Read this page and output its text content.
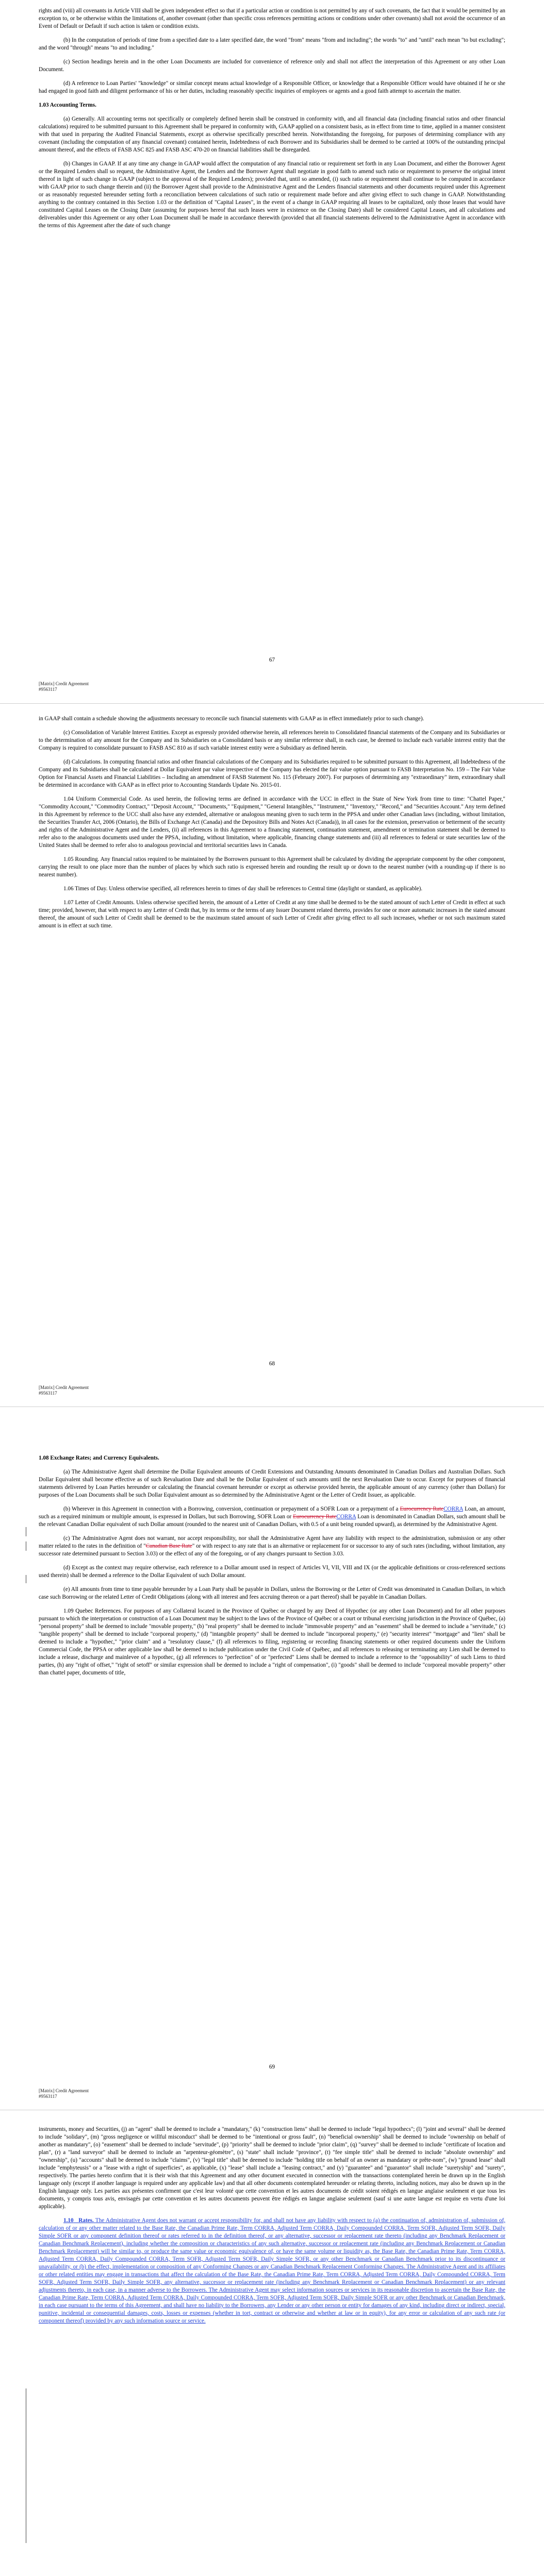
rights and (viii) all covenants in Article VIII shall be given independent effect so that if a particular action or condition is not permitted by any of such covenants, the fact that it would be permitted by an exception to, or be otherwise within the limitations of, another covenant (other than specific cross references permitting actions or conditions under other covenants) shall not avoid the occurrence of an Event of Default or Default if such action is taken or condition exists.

(b) In the computation of periods of time from a specified date to a later specified date, the word "from" means "from and including"; the words "to" and "until" each mean "to but excluding"; and the word "through" means "to and including."

(c) Section headings herein and in the other Loan Documents are included for convenience of reference only and shall not affect the interpretation of this Agreement or any other Loan Document.

(d) A reference to Loan Parties' "knowledge" or similar concept means actual knowledge of a Responsible Officer, or knowledge that a Responsible Officer would have obtained if he or she had engaged in good faith and diligent performance of his or her duties, including reasonably specific inquiries of employees or agents and a good faith attempt to ascertain the matter.

1.03 Accounting Terms.

(a) Generally. All accounting terms not specifically or completely defined herein shall be construed in conformity with, and all financial data (including financial ratios and other financial calculations) required to be submitted pursuant to this Agreement shall be prepared in conformity with, GAAP applied on a consistent basis, as in effect from time to time, applied in a manner consistent with that used in preparing the Audited Financial Statements, except as otherwise specifically prescribed herein. Notwithstanding the foregoing, for purposes of determining compliance with any covenant (including the computation of any financial covenant) contained herein, Indebtedness of each Borrower and its Subsidiaries shall be deemed to be carried at 100% of the outstanding principal amount thereof, and the effects of FASB ASC 825 and FASB ASC 470-20 on financial liabilities shall be disregarded.

(b) Changes in GAAP. If at any time any change in GAAP would affect the computation of any financial ratio or requirement set forth in any Loan Document, and either the Borrower Agent or the Required Lenders shall so request, the Administrative Agent, the Lenders and the Borrower Agent shall negotiate in good faith to amend such ratio or requirement to preserve the original intent thereof in light of such change in GAAP (subject to the approval of the Required Lenders); provided that, until so amended, (i) such ratio or requirement shall continue to be computed in accordance with GAAP prior to such change therein and (ii) the Borrower Agent shall provide to the Administrative Agent and the Lenders financial statements and other documents required under this Agreement or as reasonably requested hereunder setting forth a reconciliation between calculations of such ratio or requirement made before and after giving effect to such change in GAAP. Notwithstanding anything to the contrary contained in this Section 1.03 or the definition of "Capital Leases", in the event of a change in GAAP requiring all leases to be capitalized, only those leases that would have constituted Capital Leases on the Closing Date (assuming for purposes hereof that such leases were in existence on the Closing Date) shall be considered Capital Leases, and all calculations and deliverables under this Agreement or any other Loan Document shall be made in accordance therewith (provided that all financial statements delivered to the Administrative Agent in accordance with the terms of this Agreement after the date of such change

67
[Matrix] Credit Agreement
#9563117

in GAAP shall contain a schedule showing the adjustments necessary to reconcile such financial statements with GAAP as in effect immediately prior to such change).

(c) Consolidation of Variable Interest Entities. Except as expressly provided otherwise herein, all references herein to Consolidated financial statements of the Company and its Subsidiaries or to the determination of any amount for the Company and its Subsidiaries on a Consolidated basis or any similar reference shall, in each case, be deemed to include each variable interest entity that the Company is required to consolidate pursuant to FASB ASC 810 as if such variable interest entity were a Subsidiary as defined herein.

(d) Calculations. In computing financial ratios and other financial calculations of the Company and its Subsidiaries required to be submitted pursuant to this Agreement, all Indebtedness of the Company and its Subsidiaries shall be calculated at Dollar Equivalent par value irrespective of the Company has elected the fair value option pursuant to FASB Interpretation No. 159 – The Fair Value Option for Financial Assets and Financial Liabilities – Including an amendment of FASB Statement No. 115 (February 2007). For purposes of determining any "extraordinary" item, extraordinary shall be determined in accordance with GAAP as in effect prior to Accounting Standards Update No. 2015-01.

1.04 Uniform Commercial Code. As used herein, the following terms are defined in accordance with the UCC in effect in the State of New York from time to time: "Chattel Paper," "Commodity Account," "Commodity Contract," "Deposit Account," "Documents," "Equipment," "General Intangibles," "Instrument," "Inventory," "Record," and "Securities Account." Any term defined in this Agreement by reference to the UCC shall also have any extended, alternative or analogous meaning given to such term in the PPSA and under other Canadian laws (including, without limitation, the Securities Transfer Act, 2006 (Ontario), the Bills of Exchange Act (Canada) and the Depository Bills and Notes Act (Canada)), in all cases for the extension, preservation or betterment of the security and rights of the Administrative Agent and the Lenders, (ii) all references in this Agreement to a financing statement, continuation statement, amendment or termination statement shall be deemed to refer also to the analogous documents used under the PPSA, including, without limitation, where applicable, financing change statements and (iii) all references to federal or state securities law of the United States shall be deemed to refer also to analogous provincial and territorial securities laws in Canada.

1.05 Rounding. Any financial ratios required to be maintained by the Borrowers pursuant to this Agreement shall be calculated by dividing the appropriate component by the other component, carrying the result to one place more than the number of places by which such ratio is expressed herein and rounding the result up or down to the nearest number (with a rounding-up if there is no nearest number).

1.06 Times of Day. Unless otherwise specified, all references herein to times of day shall be references to Central time (daylight or standard, as applicable).

1.07 Letter of Credit Amounts. Unless otherwise specified herein, the amount of a Letter of Credit at any time shall be deemed to be the stated amount of such Letter of Credit in effect at such time; provided, however, that with respect to any Letter of Credit that, by its terms or the terms of any Issuer Document related thereto, provides for one or more automatic increases in the stated amount thereof, the amount of such Letter of Credit shall be deemed to be the maximum stated amount of such Letter of Credit after giving effect to all such increases, whether or not such maximum stated amount is in effect at such time.

68
[Matrix] Credit Agreement
#9563117

1.08 Exchange Rates; and Currency Equivalents.

(a) The Administrative Agent shall determine the Dollar Equivalent amounts of Credit Extensions and Outstanding Amounts denominated in Canadian Dollars and Australian Dollars. Such Dollar Equivalent shall become effective as of such Revaluation Date and shall be the Dollar Equivalent of such amounts until the next Revaluation Date to occur. Except for purposes of financial statements delivered by Loan Parties hereunder or calculating the financial covenant hereunder or except as otherwise provided herein, the applicable amount of any currency (other than Dollars) for purposes of the Loan Documents shall be such Dollar Equivalent amount as so determined by the Administrative Agent or the Letter of Credit Issuer, as applicable.

(b) Wherever in this Agreement in connection with a Borrowing, conversion, continuation or prepayment of a SOFR Loan or a prepayment of a Eurocurrency RateCORRA Loan, an amount, such as a required minimum or multiple amount, is expressed in Dollars, but such Borrowing, SOFR Loan or Eurocurrency RateCORRA Loan is denominated in Canadian Dollars, such amount shall be the relevant Canadian Dollar equivalent of such Dollar amount (rounded to the nearest unit of Canadian Dollars, with 0.5 of a unit being rounded upward), as determined by the Administrative Agent.

(c) The Administrative Agent does not warrant, nor accept responsibility, nor shall the Administrative Agent have any liability with respect to the administration, submission or any other matter related to the rates in the definition of "Canadian Base Rate" or with respect to any rate that is an alternative or replacement for or successor to any of such rates (including, without limitation, any successor rate determined pursuant to Section 3.03) or the effect of any of the foregoing, or of any changes pursuant to Section 3.03.

(d) Except as the context may require otherwise, each reference to a Dollar amount used in respect of Articles VI, VII, VIII and IX (or the applicable definitions or cross-referenced sections used therein) shall be deemed a reference to the Dollar Equivalent of such Dollar amount.

(e) All amounts from time to time payable hereunder by a Loan Party shall be payable in Dollars, unless the Borrowing or the Letter of Credit was denominated in Canadian Dollars, in which case such Borrowing or the related Letter of Credit Obligations (along with all interest and fees accruing thereon or a part thereof) shall be payable in Canadian Dollars.

1.09 Quebec References. For purposes of any Collateral located in the Province of Québec or charged by any Deed of Hypothec (or any other Loan Document) and for all other purposes pursuant to which the interpretation or construction of a Loan Document may be subject to the laws of the Province of Québec or a court or tribunal exercising jurisdiction in the Province of Québec, (a) "personal property" shall be deemed to include "movable property," (b) "real property" shall be deemed to include "immovable property" and an "easement" shall be deemed to include a "servitude," (c) "tangible property" shall be deemed to include "corporeal property," (d) "intangible property" shall be deemed to include "incorporeal property," (e) "security interest" "mortgage" and "lien" shall be deemed to include a "hypothec," "prior claim" and a "resolutory clause," (f) all references to filing, registering or recording financing statements or other required documents under the Uniform Commercial Code, the PPSA or other applicable law shall be deemed to include publication under the Civil Code of Québec, and all references to releasing or terminating any Lien shall be deemed to include a release, discharge and mainlevee of a hypothec, (g) all references to "perfection" of or "perfected" Liens shall be deemed to include a reference to the "opposability" of such Liens to third parties, (h) any "right of offset," "right of setoff" or similar expression shall be deemed to include a "right of compensation", (i) "goods" shall be deemed to include "corporeal movable property" other than chattel paper, documents of title,

69
[Matrix] Credit Agreement
#9563117

instruments, money and Securities, (j) an "agent" shall be deemed to include a "mandatary," (k) "construction liens" shall be deemed to include "legal hypothecs"; (l) "joint and several" shall be deemed to include "solidary", (m) "gross negligence or willful misconduct" shall be deemed to be "intentional or gross fault", (n) "beneficial ownership" shall be deemed to include "ownership on behalf of another as mandatary", (o) "easement" shall be deemed to include "servitude", (p) "priority" shall be deemed to include "prior claim", (q) "survey" shall be deemed to include "certificate of location and plan", (r) a "land surveyor" shall be deemed to include an "arpenteur-géomètre", (s) "state" shall include "province", (t) "fee simple title" shall be deemed to include "absolute ownership" and "ownership", (u) "accounts" shall be deemed to include "claims", (v) "legal title" shall be deemed to include "holding title on behalf of an owner as mandatary or prête-nom", (w) "ground lease" shall include "emphyteusis" or a "lease with a right of superficies", as applicable, (x) "lease" shall include a "leasing contract," and (y) "guarantee" and "guarantor" shall include "suretyship" and "surety", respectively. The parties hereto confirm that it is their wish that this Agreement and any other document executed in connection with the transactions contemplated herein be drawn up in the English language only (except if another language is required under any applicable law) and that all other documents contemplated hereunder or relating thereto, including notices, may also be drawn up in the English language only. Les parties aux présentes confirment que c'est leur volonté que cette convention et les autres documents de crédit soient rédigés en langue anglaise seulement et que tous les documents, y compris tous avis, envisagés par cette convention et les autres documents peuvent être rédigés en langue anglaise seulement (sauf si une autre langue est requise en vertu d'une loi applicable).

1.10 Rates. The Administrative Agent does not warrant or accept responsibility for, and shall not have any liability with respect to (a) the continuation of, administration of, submission of, calculation of or any other matter related to the Base Rate, the Canadian Prime Rate, Term CORRA, Adjusted Term CORRA, Daily Compounded CORRA, Term SOFR, Adjusted Term SOFR, Daily Simple SOFR or any component definition thereof or rates referred to in the definition thereof, or any alternative, successor or replacement rate thereto (including any Benchmark Replacement or Canadian Benchmark Replacement), including whether the composition or characteristics of any such alternative, successor or replacement rate (including any Benchmark Replacement or Canadian Benchmark Replacement) will be similar to, or produce the same value or economic equivalence of, or have the same volume or liquidity as, the Base Rate, the Canadian Prime Rate, Term CORRA, Adjusted Term CORRA, Daily Compounded CORRA, Term SOFR, Adjusted Term SOFR, Daily Simple SOFR, or any other Benchmark or Canadian Benchmark prior to its discontinuance or unavailability, or (b) the effect, implementation or composition of any Conforming Changes or any Canadian Benchmark Replacement Conforming Changes. The Administrative Agent and its affiliates or other related entities may engage in transactions that affect the calculation of the Base Rate, the Canadian Prime Rate, Term CORRA, Adjusted Term CORRA, Daily Compounded CORRA, Term SOFR, Adjusted Term SOFR, Daily Simple SOFR, any alternative, successor or replacement rate (including any Benchmark Replacement or Canadian Benchmark Replacement) or any relevant adjustments thereto, in each case, in a manner adverse to the Borrowers. The Administrative Agent may select information sources or services in its reasonable discretion to ascertain the Base Rate, the Canadian Prime Rate, Term CORRA, Adjusted Term CORRA, Daily Compounded CORRA, Term SOFR, Adjusted Term SOFR, Daily Simple SOFR or any other Benchmark or Canadian Benchmark, in each case pursuant to the terms of this Agreement, and shall have no liability to the Borrowers, any Lender or any other person or entity for damages of any kind, including direct or indirect, special, punitive, incidental or consequential damages, costs, losses or expenses (whether in tort, contract or otherwise and whether at law or in equity), for any error or calculation of any such rate (or component thereof) provided by any such information source or service.
